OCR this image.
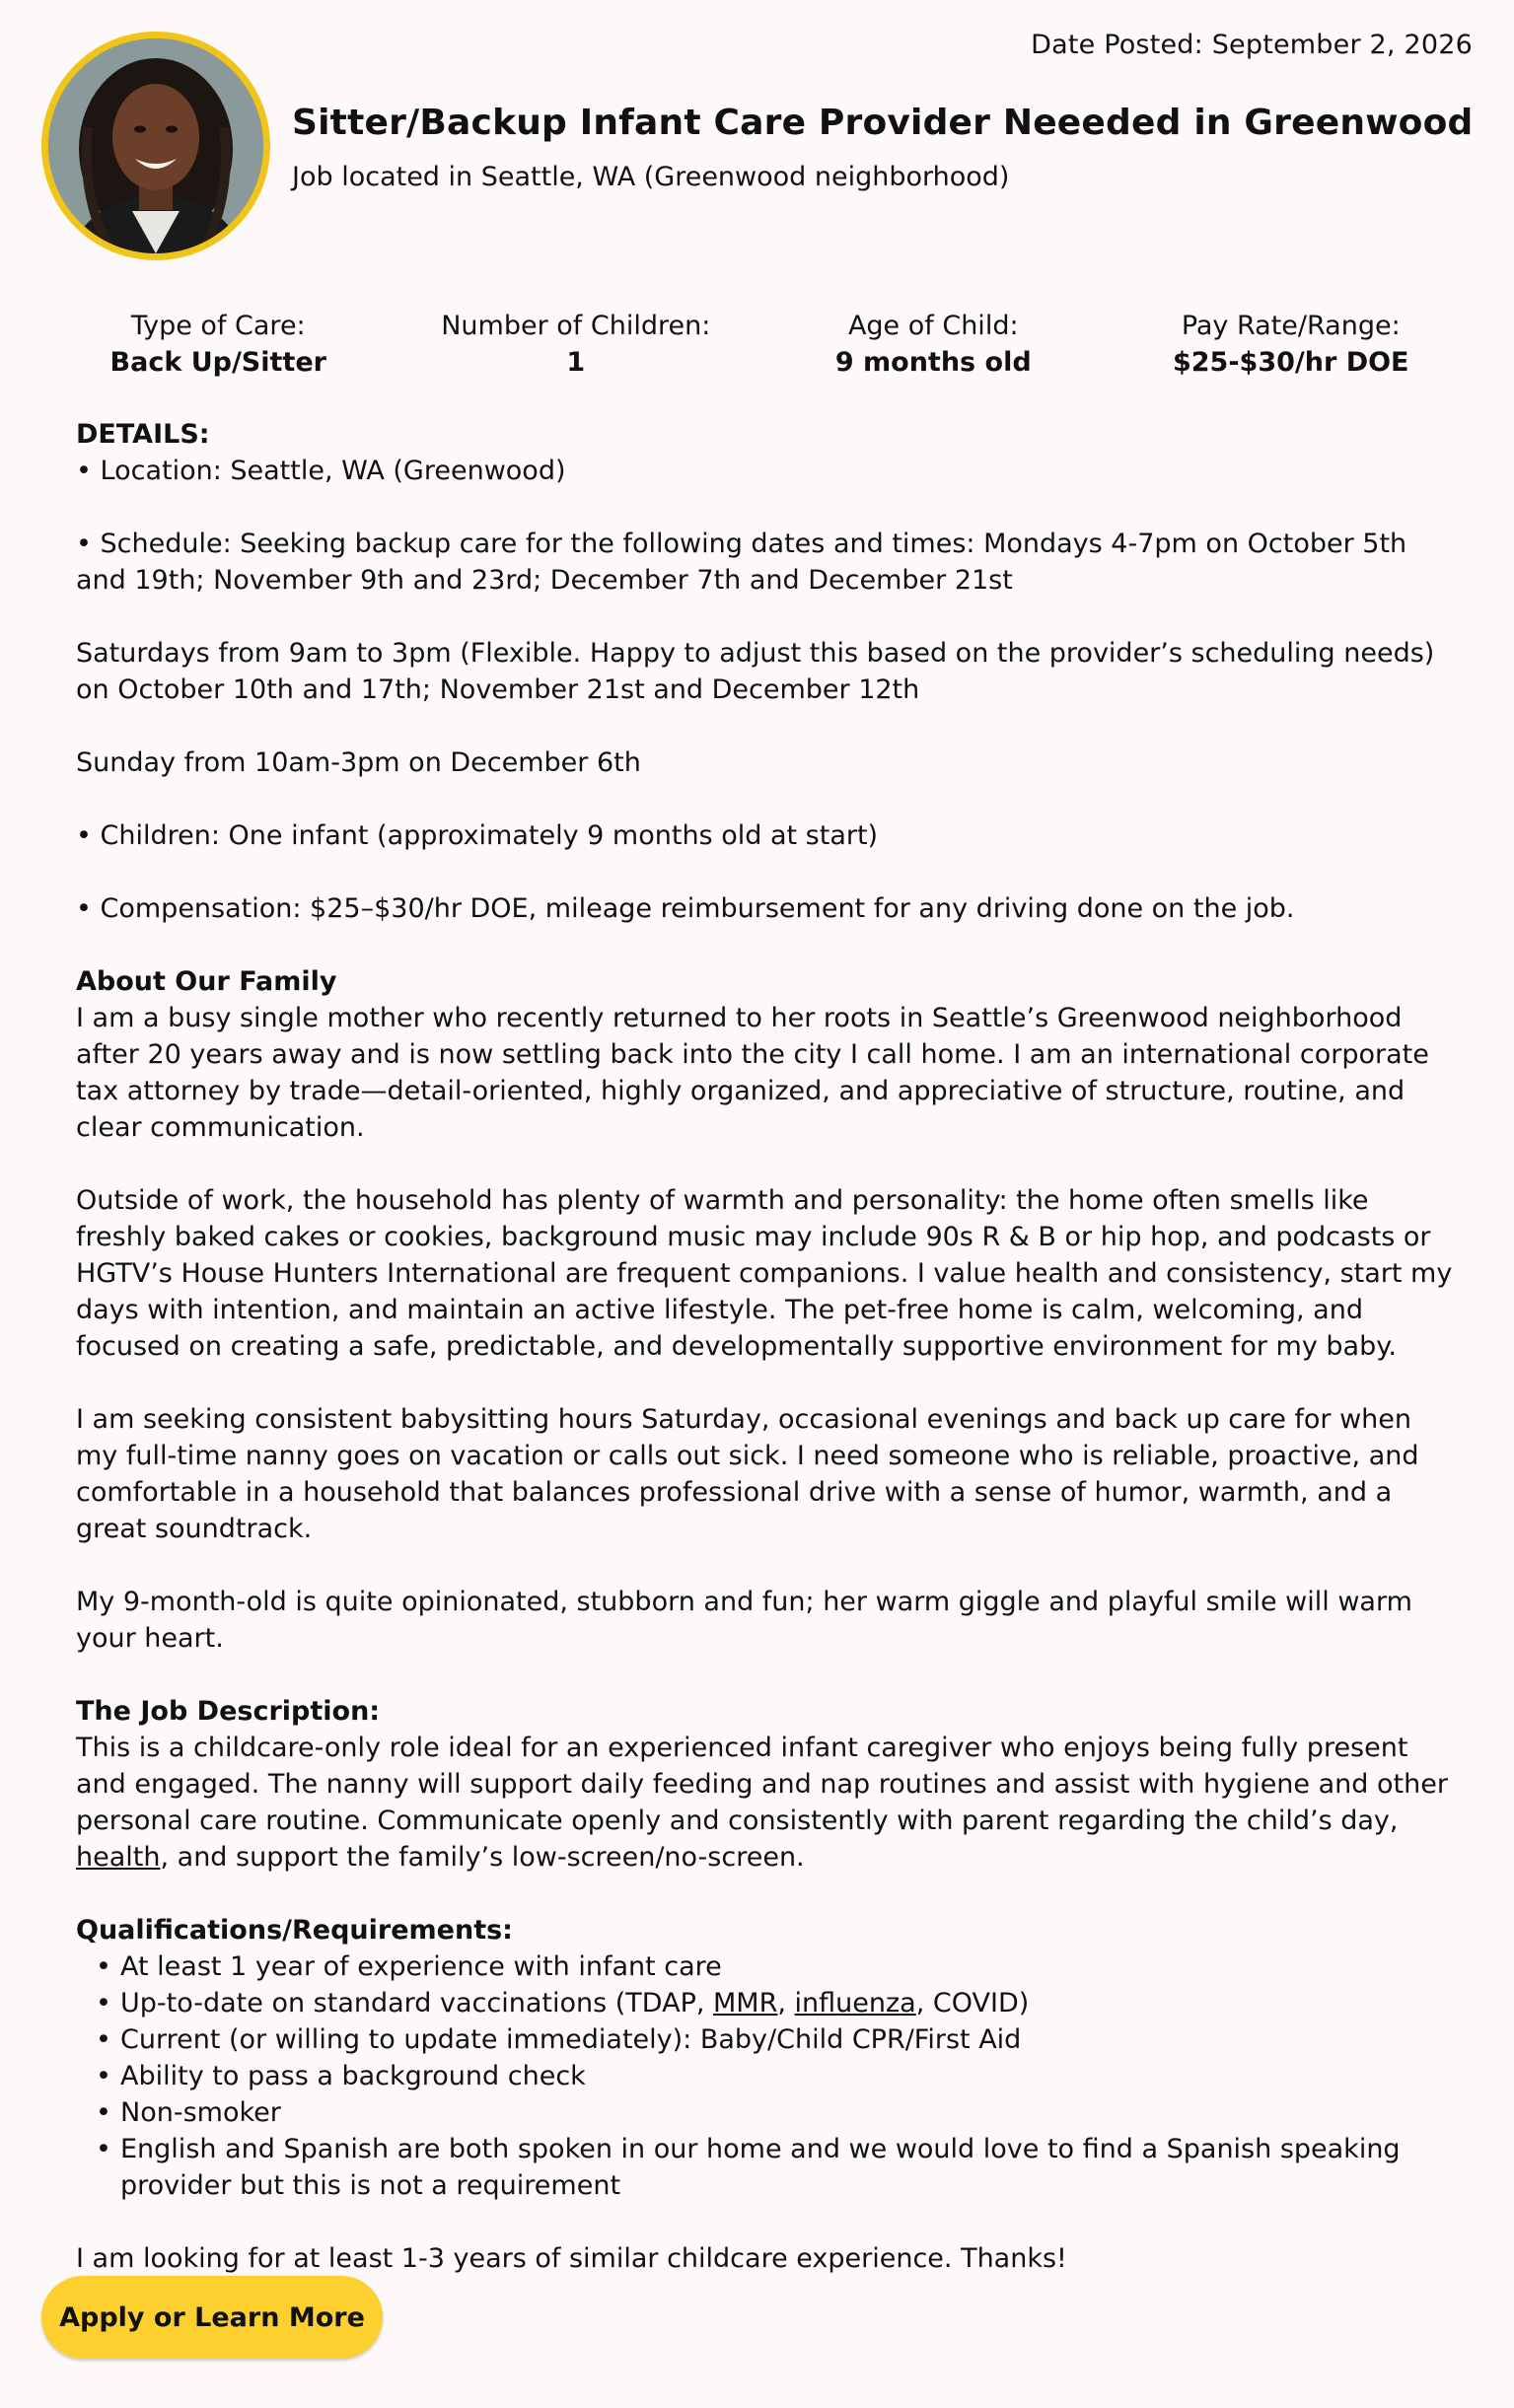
Date Posted: September 2, 2026
Sitter/Backup Infant Care Provider Neeeded in Greenwood
Job located in Seattle, WA (Greenwood neighborhood)
Type of Care:
Back Up/Sitter
Number of Children:
1
Age of Child:
9 months old
Pay Rate/Range:
$25-$30/hr DOE

DETAILS:
• Location: Seattle, WA (Greenwood)

• Schedule: Seeking backup care for the following dates and times: Mondays 4-7pm on October 5th and 19th; November 9th and 23rd; December 7th and December 21st

Saturdays from 9am to 3pm (Flexible. Happy to adjust this based on the provider’s scheduling needs) on October 10th and 17th; November 21st and December 12th

Sunday from 10am-3pm on December 6th

• Children: One infant (approximately 9 months old at start)

• Compensation: $25–$30/hr DOE, mileage reimbursement for any driving done on the job.

About Our Family
I am a busy single mother who recently returned to her roots in Seattle’s Greenwood neighborhood after 20 years away and is now settling back into the city I call home. I am an international corporate tax attorney by trade—detail-oriented, highly organized, and appreciative of structure, routine, and clear communication.

Outside of work, the household has plenty of warmth and personality: the home often smells like freshly baked cakes or cookies, background music may include 90s R & B or hip hop, and podcasts or HGTV’s House Hunters International are frequent companions. I value health and consistency, start my days with intention, and maintain an active lifestyle. The pet-free home is calm, welcoming, and focused on creating a safe, predictable, and developmentally supportive environment for my baby.

I am seeking consistent babysitting hours Saturday, occasional evenings and back up care for when my full-time nanny goes on vacation or calls out sick. I need someone who is reliable, proactive, and comfortable in a household that balances professional drive with a sense of humor, warmth, and a great soundtrack.

My 9-month-old is quite opinionated, stubborn and fun; her warm giggle and playful smile will warm your heart.

The Job Description:
This is a childcare-only role ideal for an experienced infant caregiver who enjoys being fully present and engaged. The nanny will support daily feeding and nap routines and assist with hygiene and other personal care routine. Communicate openly and consistently with parent regarding the child’s day, health, and support the family’s low-screen/no-screen.

Qualifications/Requirements:
• At least 1 year of experience with infant care
• Up-to-date on standard vaccinations (TDAP, MMR, influenza, COVID)
• Current (or willing to update immediately): Baby/Child CPR/First Aid
• Ability to pass a background check
• Non-smoker
• English and Spanish are both spoken in our home and we would love to find a Spanish speaking provider but this is not a requirement

I am looking for at least 1-3 years of similar childcare experience. Thanks!

Apply or Learn More
